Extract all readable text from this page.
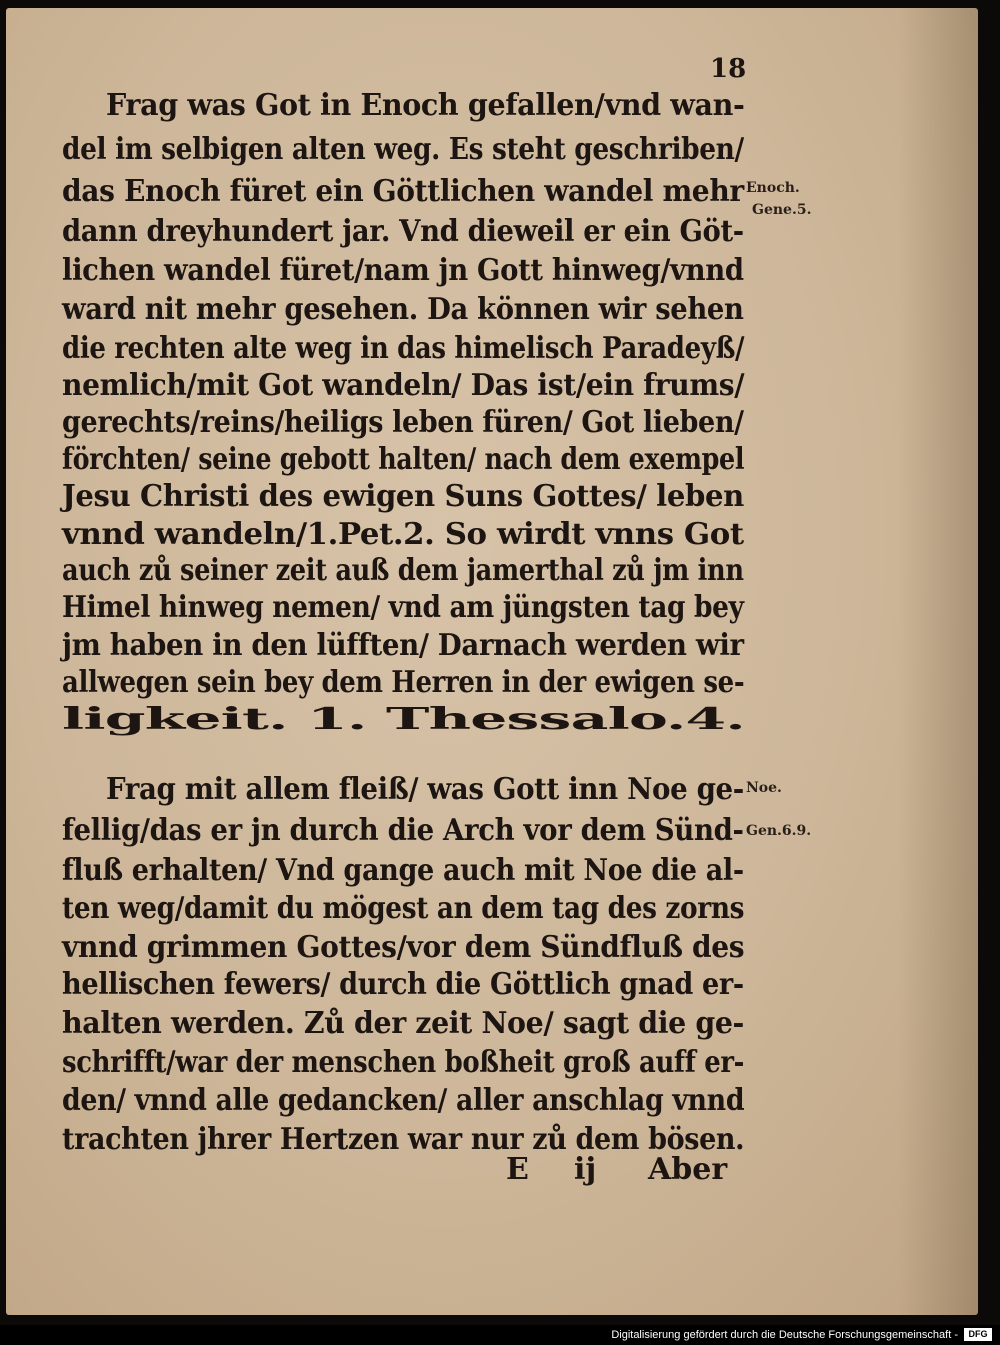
18
Frag was Got in Enoch gefallen/vnd wan-
del im selbigen alten weg. Es steht geschriben/
das Enoch füret ein Göttlichen wandel mehr
dann dreyhundert jar. Vnd dieweil er ein Göt-
lichen wandel füret/nam jn Gott hinweg/vnnd
ward nit mehr gesehen. Da können wir sehen
die rechten alte weg in das himelisch Paradeyß/
nemlich/mit Got wandeln/ Das ist/ein frums/
gerechts/reins/heiligs leben füren/ Got lieben/
förchten/ seine gebott halten/ nach dem exempel
Jesu Christi des ewigen Suns Gottes/ leben
vnnd wandeln/1.Pet.2. So wirdt vnns Got
auch zů seiner zeit auß dem jamerthal zů jm inn
Himel hinweg nemen/ vnd am jüngsten tag bey
jm haben in den lüfften/ Darnach werden wir
allwegen sein bey dem Herren in der ewigen se-
ligkeit. 1. Thessalo.4.
Frag mit allem fleiß/ was Gott inn Noe ge-
fellig/das er jn durch die Arch vor dem Sünd-
fluß erhalten/ Vnd gange auch mit Noe die al-
ten weg/damit du mögest an dem tag des zorns
vnnd grimmen Gottes/vor dem Sündfluß des
hellischen fewers/ durch die Göttlich gnad er-
halten werden. Zů der zeit Noe/ sagt die ge-
schrifft/war der menschen boßheit groß auff er-
den/ vnnd alle gedancken/ aller anschlag vnnd
trachten jhrer Hertzen war nur zů dem bösen.
Enoch.
Gene.5.
Noe.
Gen.6.9.
E ij Aber
Digitalisierung gefördert durch die Deutsche Forschungsgemeinschaft -	DFG
